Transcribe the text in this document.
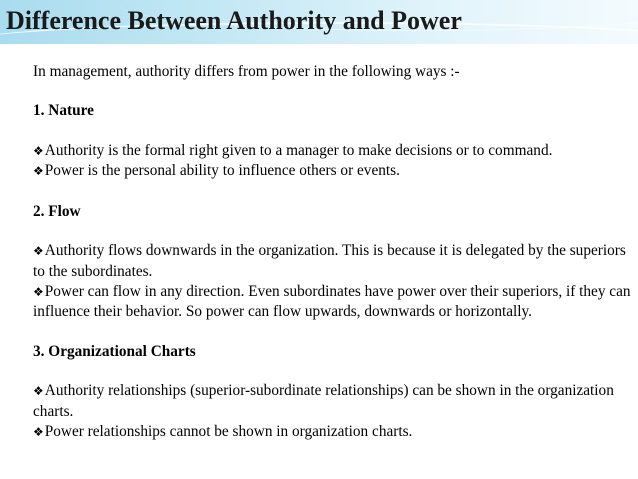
Difference Between Authority and Power

In management, authority differs from power in the following ways :-

1. Nature

❖Authority is the formal right given to a manager to make decisions or to command.

❖Power is the personal ability to influence others or events.

2. Flow

❖Authority flows downwards in the organization. This is because it is delegated by the superiors to the subordinates.

❖Power can flow in any direction. Even subordinates have power over their superiors, if they can influence their behavior. So power can flow upwards, downwards or horizontally.

3. Organizational Charts

❖Authority relationships (superior-subordinate relationships) can be shown in the organization charts.

❖Power relationships cannot be shown in organization charts.
